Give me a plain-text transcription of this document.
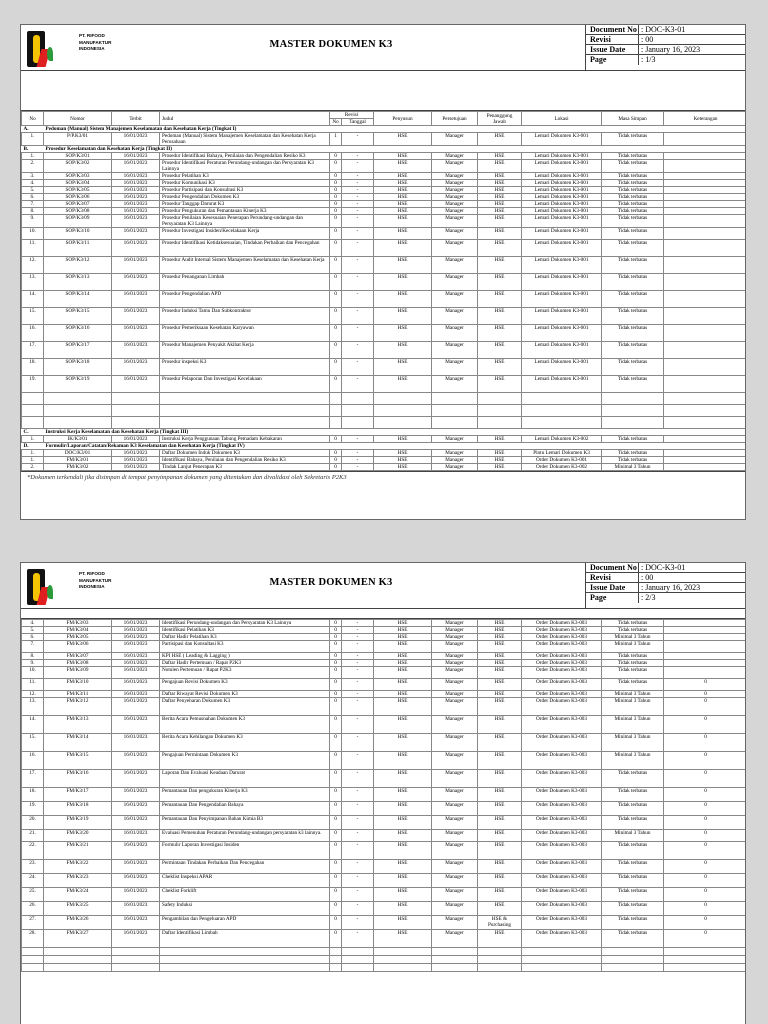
PT. RIFOOD MANUFAKTUR INDONESIA	MASTER DOKUMEN K3
Document No : DOC-K3-01
Revisi	: 00
Issue Date	: January 16, 2023
Page	: 1/3
No	Nomor	Terbit	Judul	Revisi		Penyusun	Persetujuan	Penanggung Jawab	Lokasi	Masa Simpan	Keterangan
				No	Tanggal						
A.	Pedoman (Manual) Sistem Manajemen Keselamatan dan Kesehatan Kerja (Tingkat I)										
1.	P/P.K3/01	16/01/2023	Pedoman (Manual) Sistem Manajemen Keselamatan dan Kesehatan Kerja Perusahaan	1	-	HSE	Manager	HSE	Lemari Dokumen K3-001	Tidak terbatas	
B.	Prosedur Keselamatan dan Kesehatan Kerja (Tingkat II)										
1.	SOP/K3/01	16/01/2023	Prosedur Identifikasi Bahaya, Penilaian dan Pengendalian Resiko K3	0	-	HSE	Manager	HSE	Lemari Dokumen K3-001	Tidak terbatas	
2.	SOP/K3/02	16/01/2023	Prosedur Identifikasi Peraturan Perundang-undangan dan Persyaratan K3 Lainnya	0	-	HSE	Manager	HSE	Lemari Dokumen K3-001	Tidak terbatas	
3.	SOP/K3/03	16/01/2023	Prosedur Pelatihan K3	0	-	HSE	Manager	HSE	Lemari Dokumen K3-001	Tidak terbatas	
4.	SOP/K3/04	16/01/2023	Prosedur Komunikasi K3	0	-	HSE	Manager	HSE	Lemari Dokumen K3-001	Tidak terbatas	
5.	SOP/K3/05	16/01/2023	Prosedur Partisipasi dan Konsultasi K3	0	-	HSE	Manager	HSE	Lemari Dokumen K3-001	Tidak terbatas	
6.	SOP/K3/06	16/01/2023	Prosedur Pengendalian Dokumen K3	0	-	HSE	Manager	HSE	Lemari Dokumen K3-001	Tidak terbatas	
7.	SOP/K3/07	16/01/2023	Prosedur Tanggap Darurat K3	0	-	HSE	Manager	HSE	Lemari Dokumen K3-001	Tidak terbatas	
8.	SOP/K3/08	16/01/2023	Prosedur Pengukuran dan Pemantauan Kinerja K3	0	-	HSE	Manager	HSE	Lemari Dokumen K3-001	Tidak terbatas	
9.	SOP/K3/09	16/01/2023	Prosedur Penilaian Kesesuaian Penerapan Perundang-undangan dan Persyaratan K3 Lainnya	0	-	HSE	Manager	HSE	Lemari Dokumen K3-001	Tidak terbatas	
10.	SOP/K3/10	16/01/2023	Prosedur Investigasi Insiden/Kecelakaan Kerja	0	-	HSE	Manager	HSE	Lemari Dokumen K3-001	Tidak terbatas	
11.	SOP/K3/11	16/01/2023	Prosedur Identifikasi Ketidaksesuaian, Tindakan Perbaikan dan Pencegahan	0	-	HSE	Manager	HSE	Lemari Dokumen K3-001	Tidak terbatas	
12.	SOP/K3/12	16/01/2023	Prosedur Audit Internal Sistem Manajemen Keselamatan dan Kesehatan Kerja	0	-	HSE	Manager	HSE	Lemari Dokumen K3-001	Tidak terbatas	
13.	SOP/K3/13	16/01/2023	Prosedur Penanganan Limbah	0	-	HSE	Manager	HSE	Lemari Dokumen K3-001	Tidak terbatas	
14.	SOP/K3/14	16/01/2023	Prosedur Pengendalian APD	0	-	HSE	Manager	HSE	Lemari Dokumen K3-001	Tidak terbatas	
15.	SOP/K3/15	16/01/2023	Prosedur Induksi Tamu Dan Subkontraktor	0	-	HSE	Manager	HSE	Lemari Dokumen K3-001	Tidak terbatas	
16.	SOP/K3/16	16/01/2023	Prosedur Pemeriksaan Kesehatan Karyawan	0	-	HSE	Manager	HSE	Lemari Dokumen K3-001	Tidak terbatas	
17.	SOP/K3/17	16/01/2023	Prosedur Manajemen Penyakit Akibat Kerja	0	-	HSE	Manager	HSE	Lemari Dokumen K3-001	Tidak terbatas	
18.	SOP/K3/18	16/01/2023	Prosedur inspeksi K3	0	-	HSE	Manager	HSE	Lemari Dokumen K3-001	Tidak terbatas	
19.	SOP/K3/19	16/01/2023	Prosedur Pelaporan Dan Investigasi Kecelakaan	0	-	HSE	Manager	HSE	Lemari Dokumen K3-001	Tidak terbatas	

C.	Instruksi Kerja Keselamatan dan Kesehatan Kerja (Tingkat III)										
1.	IK/K3/01	16/01/2023	Instruksi Kerja Penggunaan Tabung Pemadam Kebakaran	0	-	HSE	Manager	HSE	Lemari Dokumen K3-002	Tidak terbatas	
D.	Formulir/Laporan/Catatan/Rekaman K3 Keselamatan dan Kesehatan Kerja (Tingkat IV)										
1.	DOC/K3/01	16/01/2023	Daftar Dokumen Induk Dokumen K3	0	-	HSE	Manager	HSE	Pintu Lemari Dokumen K3	Tidak terbatas	
1.	FM/K3/01	16/01/2023	Identifikasi Bahaya, Penilaian dan Pengendalian Resiko K3	0	-	HSE	Manager	HSE	Order Dokumen K3-001	Tidak terbatas	
2.	FM/K3/02	16/01/2023	Tindak Lanjut Penerapan K3	0	-	HSE	Manager	HSE	Order Dokumen K3-002	Minimal 3 Tahun	
*Dokumen terkendali jika disimpan di tempat penyimpanan dokumen yang ditentukan dan divalidasi oleh Sekretaris P2K3
PT. RIFOOD MANUFAKTUR INDONESIA	MASTER DOKUMEN K3
Document No : DOC-K3-01
Revisi	: 00
Issue Date	: January 16, 2023
Page	: 2/3
4.	FM/K3/03	16/01/2023	Identifikasi Perundang-undangan dan Persyaratan K3 Lainnya	0	-	HSE	Manager	HSE	Order Dokumen K3-003	Tidak terbatas	
5.	FM/K3/04	16/01/2023	Identifikasi Pelatihan K3	0	-	HSE	Manager	HSE	Order Dokumen K3-003	Tidak terbatas	
6.	FM/K3/05	16/01/2023	Daftar Hadir Pelatihan K3	0	-	HSE	Manager	HSE	Order Dokumen K3-003	Minimal 3 Tahun	
7.	FM/K3/06	16/01/2023	Partisipasi dan Konsultasi K3	0	-	HSE	Manager	HSE	Order Dokumen K3-003	Minimal 3 Tahun	
8.	FM/K3/07	16/01/2023	KPI HSE ( Leading & Lagging )	0	-	HSE	Manager	HSE	Order Dokumen K3-003	Tidak terbatas	
9.	FM/K3/08	16/01/2023	Daftar Hadir Pertemuan / Rapat P2K3	0	-	HSE	Manager	HSE	Order Dokumen K3-003	Tidak terbatas	
10.	FM/K3/09	16/01/2023	Notulen Pertemuan / Rapat P2K3	0	-	HSE	Manager	HSE	Order Dokumen K3-003	Tidak terbatas	
11.	FM/K3/10	16/01/2023	Pengajuan Revisi Dokumen K3	0	-	HSE	Manager	HSE	Order Dokumen K3-003	Tidak terbatas	0
12.	FM/K3/11	16/01/2023	Daftar Riwayat Revisi Dokumen K3	0	-	HSE	Manager	HSE	Order Dokumen K3-003	Minimal 3 Tahun	0
13.	FM/K3/12	16/01/2023	Daftar Penyebaran Dokumen K3	0	-	HSE	Manager	HSE	Order Dokumen K3-003	Minimal 3 Tahun	0
14.	FM/K3/13	16/01/2023	Berita Acara Pemusnahan Dokumen K3	0	-	HSE	Manager	HSE	Order Dokumen K3-003	Minimal 3 Tahun	0
15.	FM/K3/14	16/01/2023	Berita Acara Kehilangan Dokumen K3	0	-	HSE	Manager	HSE	Order Dokumen K3-003	Minimal 3 Tahun	0
16.	FM/K3/15	16/01/2023	Pengajuan Permintaan Dokumen K3	0	-	HSE	Manager	HSE	Order Dokumen K3-003	Minimal 3 Tahun	0
17.	FM/K3/16	16/01/2023	Laporan Dan Evaluasi Keadaan Darurat	0	-	HSE	Manager	HSE	Order Dokumen K3-003	Tidak terbatas	0
18.	FM/K3/17	16/01/2023	Pemantauan Dan pengukuran Kinerja K3	0	-	HSE	Manager	HSE	Order Dokumen K3-003	Tidak terbatas	0
19.	FM/K3/18	16/01/2023	Pemantauan Dan Pengendalian Bahaya	0	-	HSE	Manager	HSE	Order Dokumen K3-003	Tidak terbatas	0
20.	FM/K3/19	16/01/2023	Pemantauan Dan Penyimpanan Bahan Kimia B3	0	-	HSE	Manager	HSE	Order Dokumen K3-003	Tidak terbatas	0
21.	FM/K3/20	16/01/2023	Evaluasi Pemenuhan Peraturan Perundang-undangan persyaratan k3 lainnya.	0	-	HSE	Manager	HSE	Order Dokumen K3-003	Minimal 3 Tahun	0
22.	FM/K3/21	16/01/2023	Formulir Laporan Investigasi Insiden	0	-	HSE	Manager	HSE	Order Dokumen K3-003	Tidak terbatas	0
23.	FM/K3/22	16/01/2023	Permintaan Tindakan Perbaikan Dan Pencegahan	0	-	HSE	Manager	HSE	Order Dokumen K3-003	Tidak terbatas	0
24.	FM/K3/23	16/01/2023	Cheklist Inspeksi APAR	0	-	HSE	Manager	HSE	Order Dokumen K3-003	Tidak terbatas	0
25.	FM/K3/24	16/01/2023	Cheklist Forklift	0	-	HSE	Manager	HSE	Order Dokumen K3-003	Tidak terbatas	0
26.	FM/K3/25	16/01/2023	Safety Induksi	0	-	HSE	Manager	HSE	Order Dokumen K3-003	Tidak terbatas	0
27.	FM/K3/26	16/01/2023	Pengambilan dan Pengeluaran APD	0	-	HSE	Manager	HSE & Purchasing	Order Dokumen K3-003	Tidak terbatas	0
28.	FM/K3/27	16/01/2023	Daftar Identifikasi Limbah	0	-	HSE	Manager	HSE	Order Dokumen K3-003	Tidak terbatas	0
